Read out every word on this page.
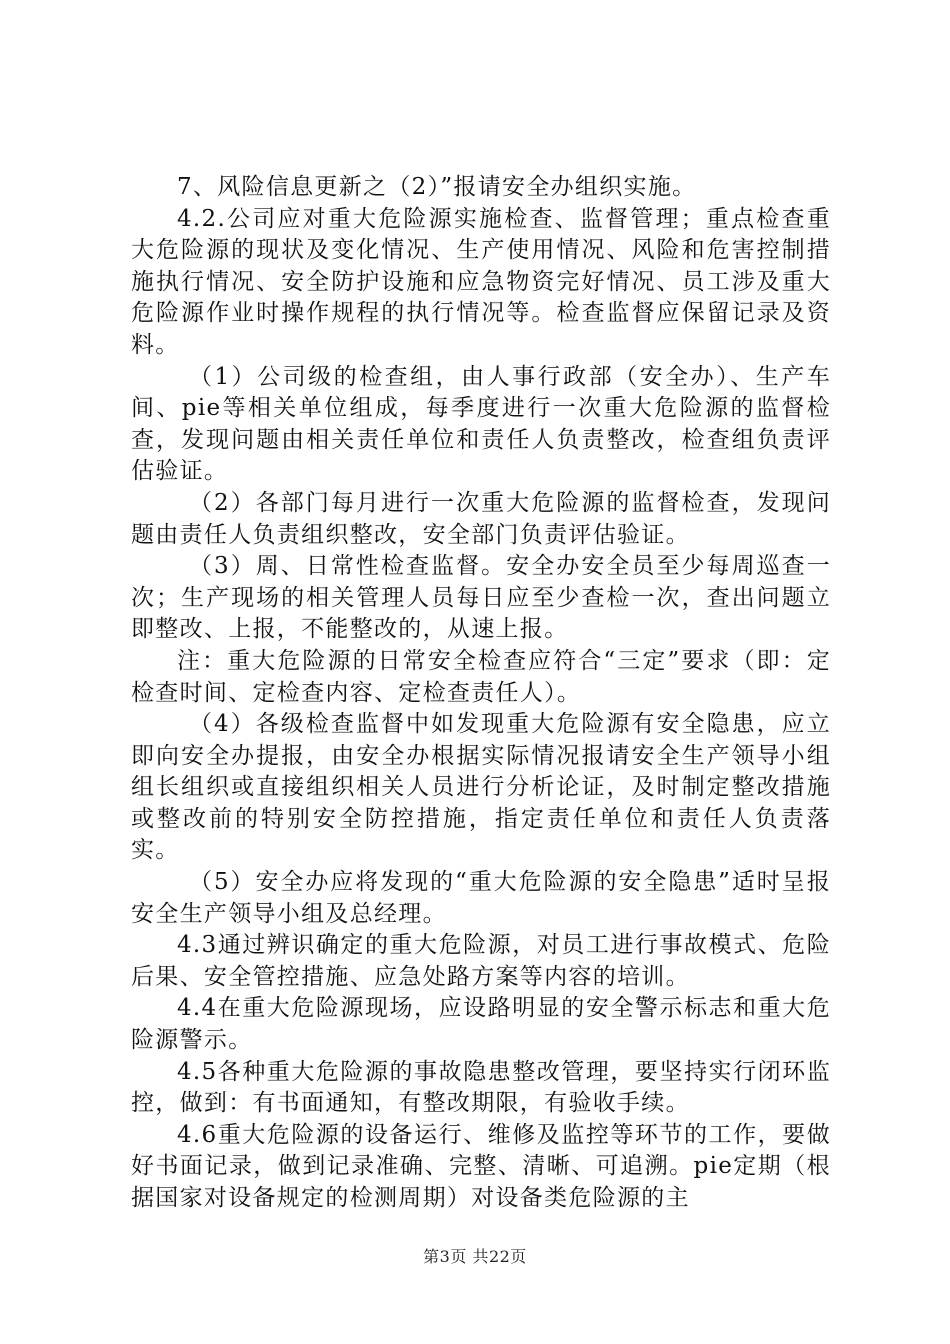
7、风险信息更新之（2）”报请安全办组织实施。

4.2.公司应对重大危险源实施检查、监督管理；重点检查重大危险源的现状及变化情况、生产使用情况、风险和危害控制措施执行情况、安全防护设施和应急物资完好情况、员工涉及重大危险源作业时操作规程的执行情况等。检查监督应保留记录及资料。

（1）公司级的检查组，由人事行政部（安全办）、生产车间、pie等相关单位组成，每季度进行一次重大危险源的监督检查，发现问题由相关责任单位和责任人负责整改，检查组负责评估验证。

（2）各部门每月进行一次重大危险源的监督检查，发现问题由责任人负责组织整改，安全部门负责评估验证。

（3）周、日常性检查监督。安全办安全员至少每周巡查一次；生产现场的相关管理人员每日应至少查检一次，查出问题立即整改、上报，不能整改的，从速上报。

注：重大危险源的日常安全检查应符合“三定”要求（即：定检查时间、定检查内容、定检查责任人）。

（4）各级检查监督中如发现重大危险源有安全隐患，应立即向安全办提报，由安全办根据实际情况报请安全生产领导小组组长组织或直接组织相关人员进行分析论证，及时制定整改措施或整改前的特别安全防控措施，指定责任单位和责任人负责落实。

（5）安全办应将发现的“重大危险源的安全隐患”适时呈报安全生产领导小组及总经理。

4.3通过辨识确定的重大危险源，对员工进行事故模式、危险后果、安全管控措施、应急处路方案等内容的培训。

4.4在重大危险源现场，应设路明显的安全警示标志和重大危险源警示。

4.5各种重大危险源的事故隐患整改管理，要坚持实行闭环监控，做到：有书面通知，有整改期限，有验收手续。

4.6重大危险源的设备运行、维修及监控等环节的工作，要做好书面记录，做到记录准确、完整、清晰、可追溯。pie定期（根据国家对设备规定的检测周期）对设备类危险源的主

第3页 共22页
